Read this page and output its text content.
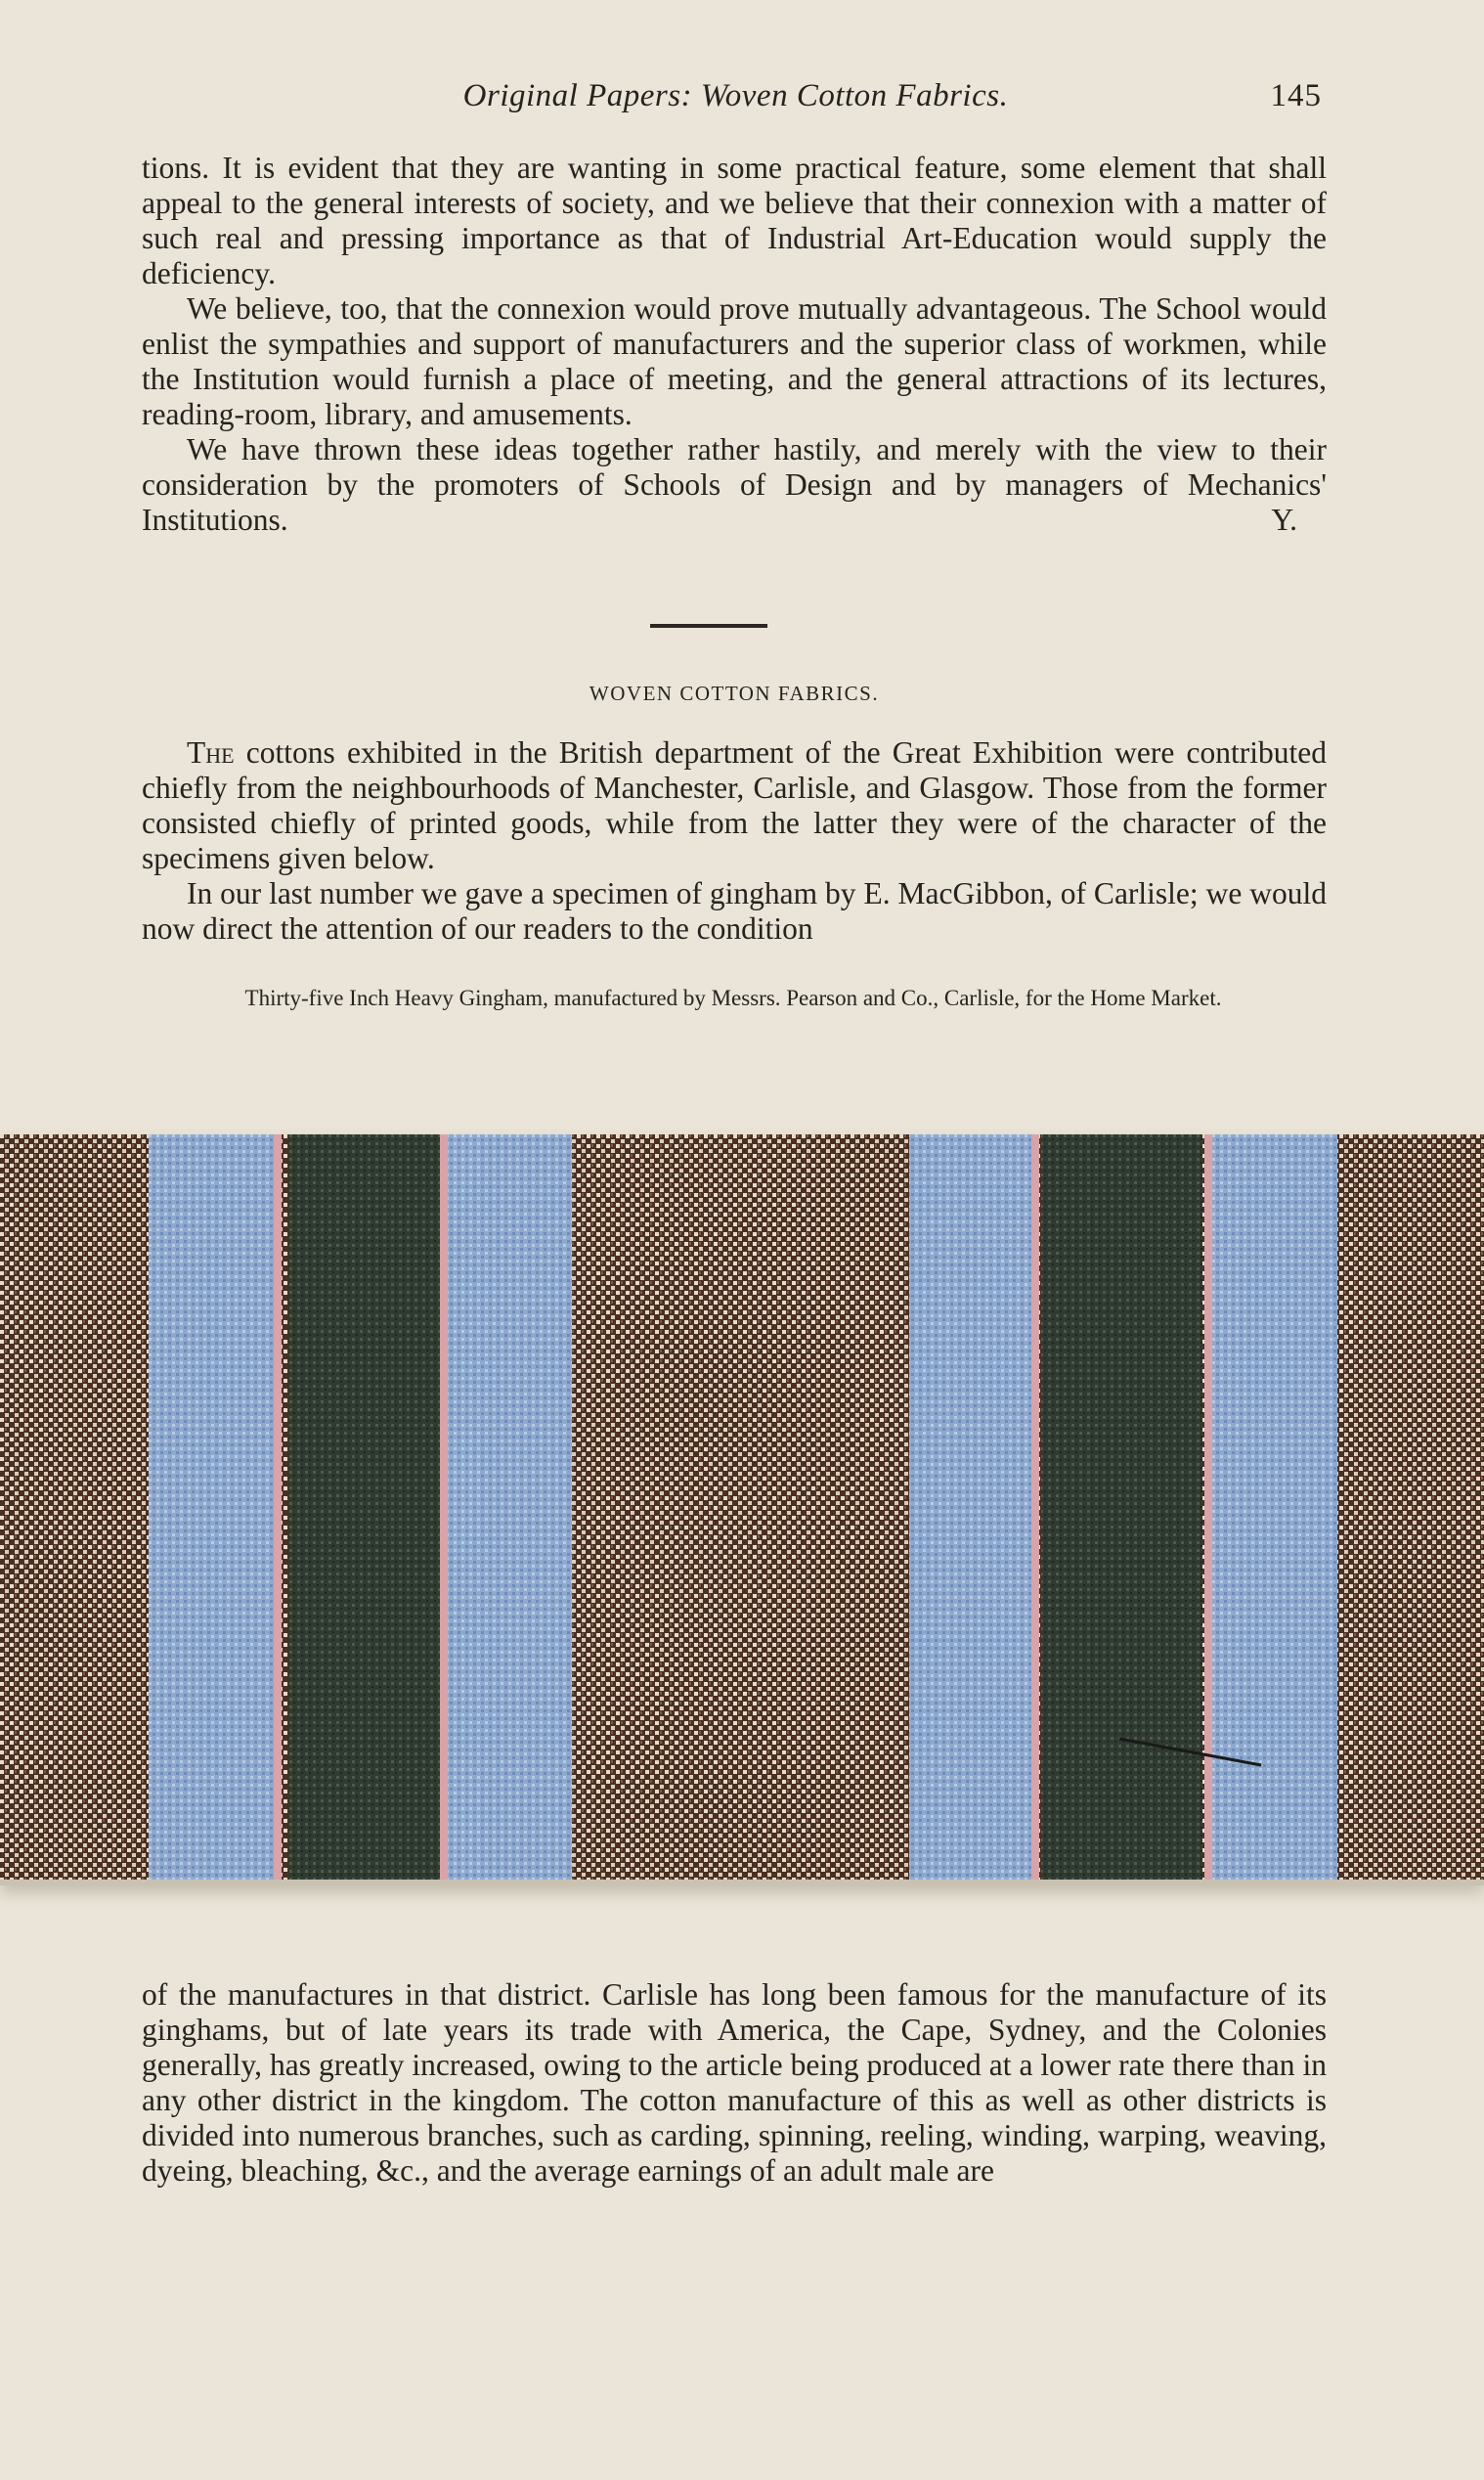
Original Papers: Woven Cotton Fabrics.	145

tions. It is evident that they are wanting in some practical feature, some element that shall appeal to the general interests of society, and we believe that their connexion with a matter of such real and pressing importance as that of Industrial Art-Education would supply the deficiency.

We believe, too, that the connexion would prove mutually advantageous. The School would enlist the sympathies and support of manufacturers and the superior class of workmen, while the Institution would furnish a place of meeting, and the general attractions of its lectures, reading-room, library, and amusements.

We have thrown these ideas together rather hastily, and merely with the view to their consideration by the promoters of Schools of Design and by managers of Mechanics' Institutions.	Y.

WOVEN COTTON FABRICS.

The cottons exhibited in the British department of the Great Exhibition were contributed chiefly from the neighbourhoods of Manchester, Carlisle, and Glasgow. Those from the former consisted chiefly of printed goods, while from the latter they were of the character of the specimens given below.

In our last number we gave a specimen of gingham by E. MacGibbon, of Carlisle; we would now direct the attention of our readers to the condition

Thirty-five Inch Heavy Gingham, manufactured by Messrs. Pearson and Co., Carlisle, for the Home Market.

of the manufactures in that district. Carlisle has long been famous for the manufacture of its ginghams, but of late years its trade with America, the Cape, Sydney, and the Colonies generally, has greatly increased, owing to the article being produced at a lower rate there than in any other district in the kingdom. The cotton manufacture of this as well as other districts is divided into numerous branches, such as carding, spinning, reeling, winding, warping, weaving, dyeing, bleaching, &c., and the average earnings of an adult male are
